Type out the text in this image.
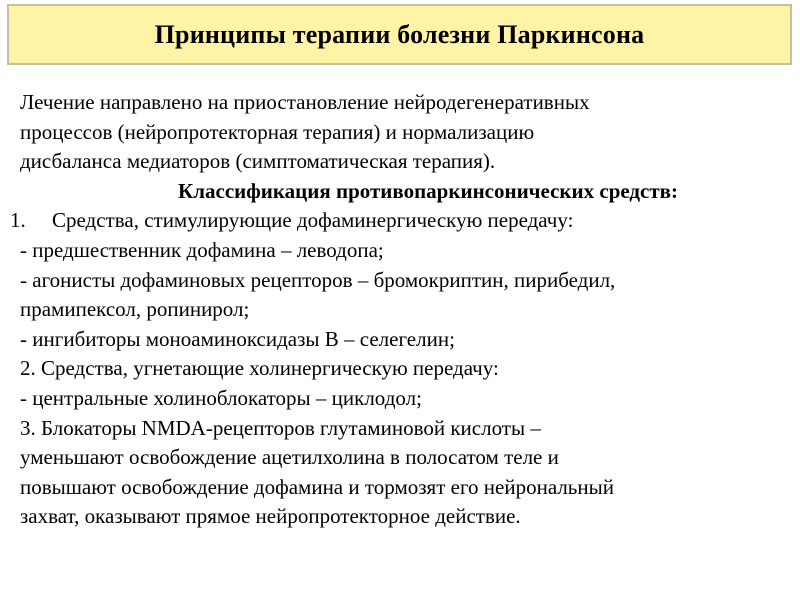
Принципы терапии болезни Паркинсона
Лечение направлено на приостановление нейродегенеративных
процессов (нейропротекторная терапия) и нормализацию
дисбаланса медиаторов (симптоматическая терапия).
Классификация противопаркинсонических средств:
1.	Средства, стимулирующие дофаминергическую передачу:
- предшественник дофамина – леводопа;
- агонисты дофаминовых рецепторов – бромокриптин, пирибедил,
прамипексол, ропинирол;
- ингибиторы моноаминоксидазы В – селегелин;
2. Средства, угнетающие холинергическую передачу:
- центральные холиноблокаторы – циклодол;
3. Блокаторы NMDA-рецепторов глутаминовой кислоты –
уменьшают освобождение ацетилхолина в полосатом теле и
повышают освобождение дофамина и тормозят его нейрональный
захват, оказывают прямое нейропротекторное действие.
